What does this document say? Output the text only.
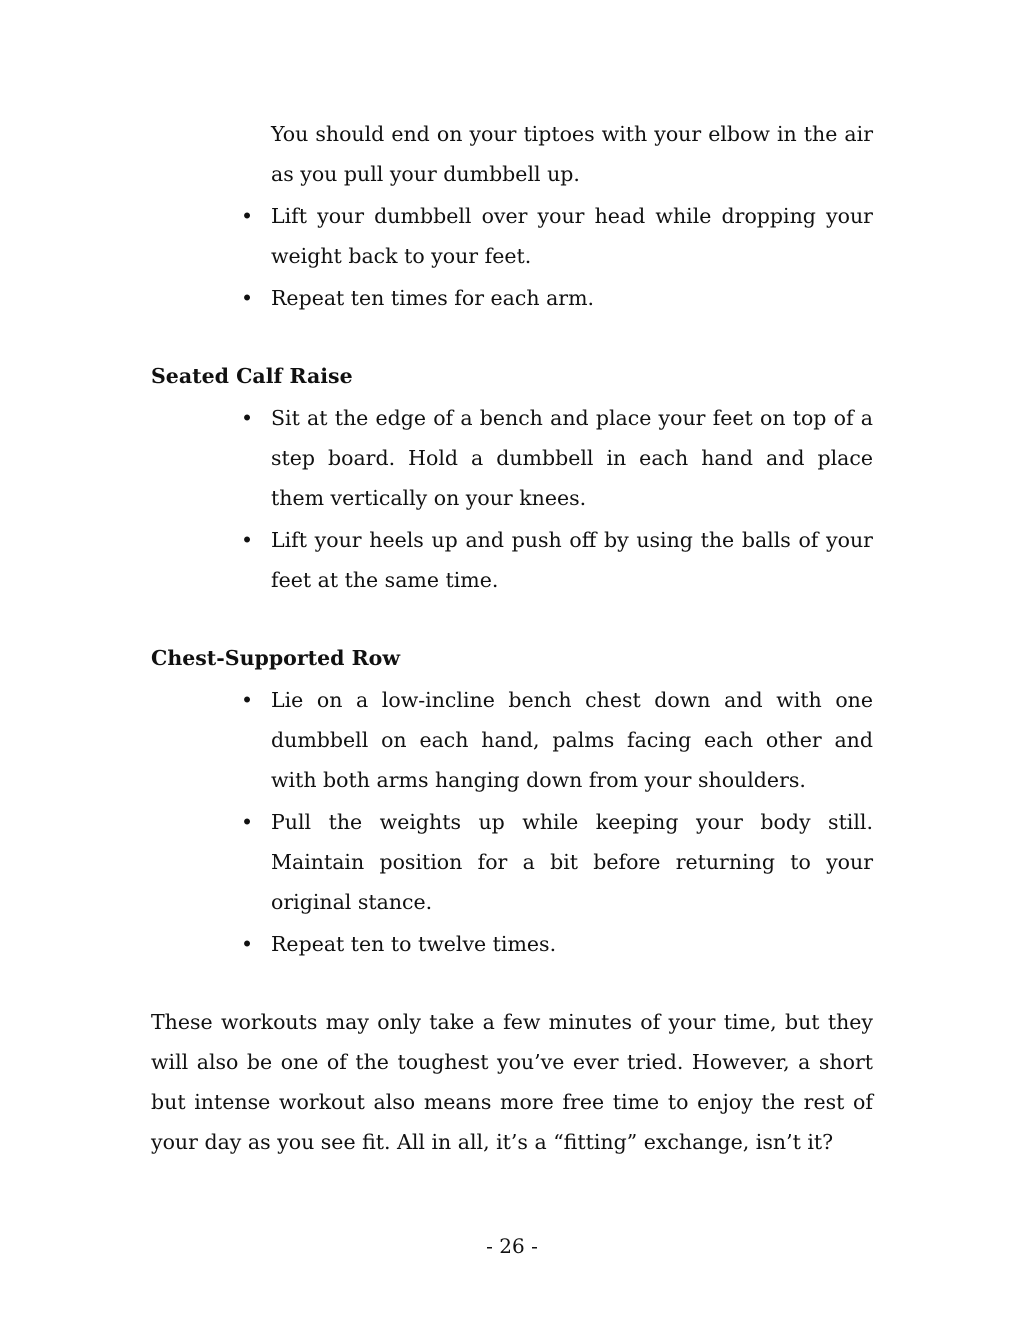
You should end on your tiptoes with your elbow in the air as you pull your dumbbell up.
• Lift your dumbbell over your head while dropping your weight back to your feet.
• Repeat ten times for each arm.
Seated Calf Raise
• Sit at the edge of a bench and place your feet on top of a step board. Hold a dumbbell in each hand and place them vertically on your knees.
• Lift your heels up and push off by using the balls of your feet at the same time.
Chest-Supported Row
• Lie on a low-incline bench chest down and with one dumbbell on each hand, palms facing each other and with both arms hanging down from your shoulders.
• Pull the weights up while keeping your body still. Maintain position for a bit before returning to your original stance.
• Repeat ten to twelve times.

These workouts may only take a few minutes of your time, but they will also be one of the toughest you’ve ever tried. However, a short but intense workout also means more free time to enjoy the rest of your day as you see fit. All in all, it’s a “fitting” exchange, isn’t it?

- 26 -
